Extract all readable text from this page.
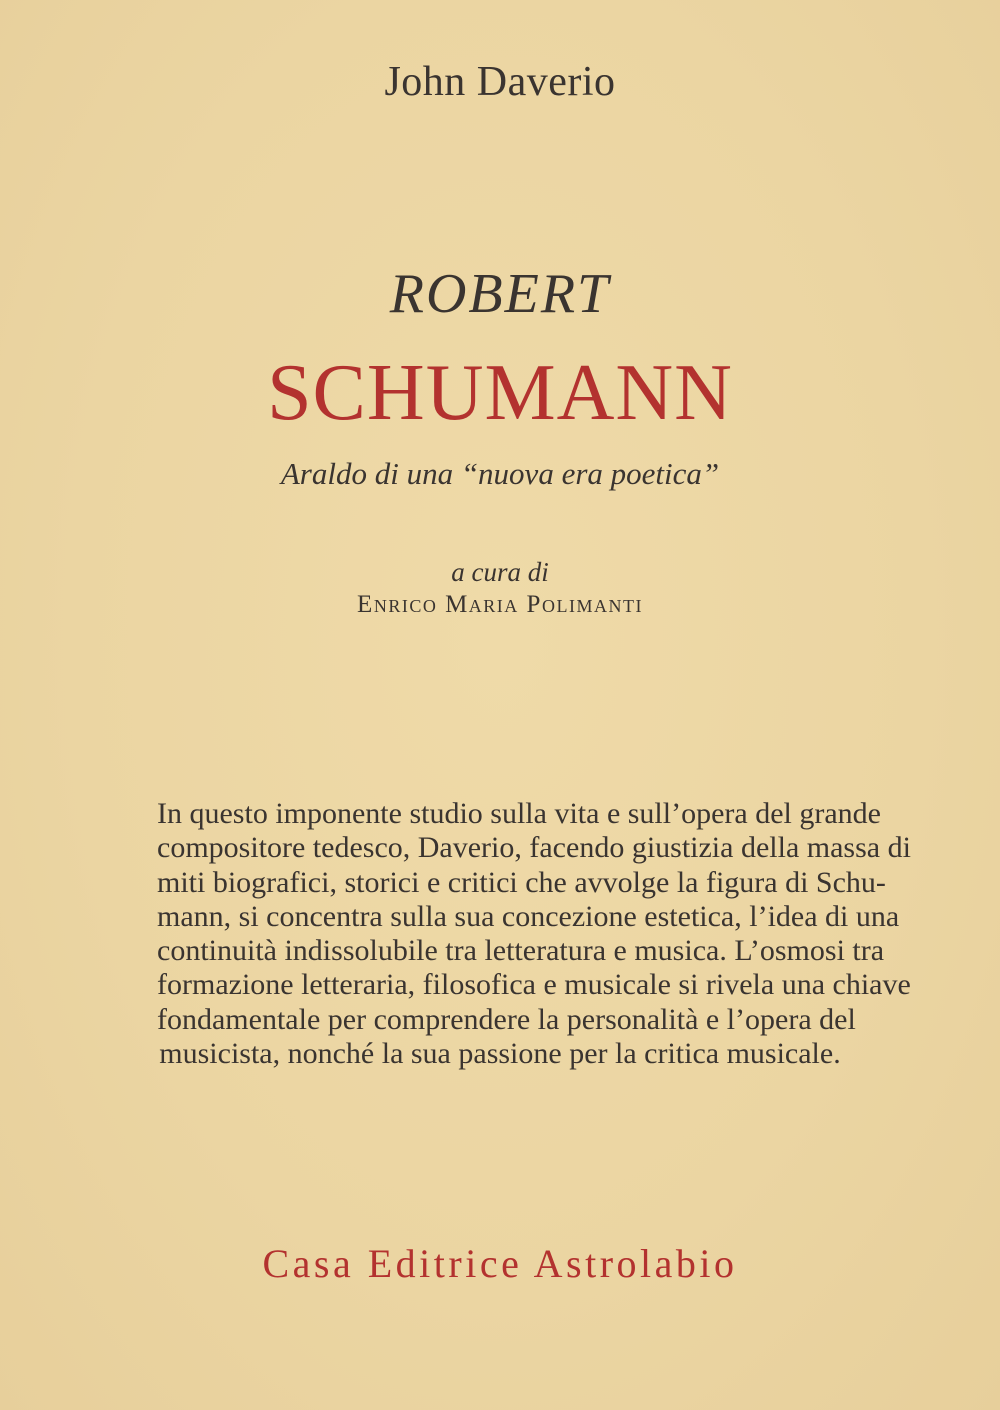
John Daverio
ROBERT
SCHUMANN
Araldo di una “nuova era poetica”
a cura di
Enrico Maria Polimanti
In questo imponente studio sulla vita e sull’opera del grande
compositore tedesco, Daverio, facendo giustizia della massa di
miti biografici, storici e critici che avvolge la figura di Schu-
mann, si concentra sulla sua concezione estetica, l’idea di una
continuità indissolubile tra letteratura e musica. L’osmosi tra
formazione letteraria, filosofica e musicale si rivela una chiave
fondamentale per comprendere la personalità e l’opera del
musicista, nonché la sua passione per la critica musicale.
Casa Editrice Astrolabio
